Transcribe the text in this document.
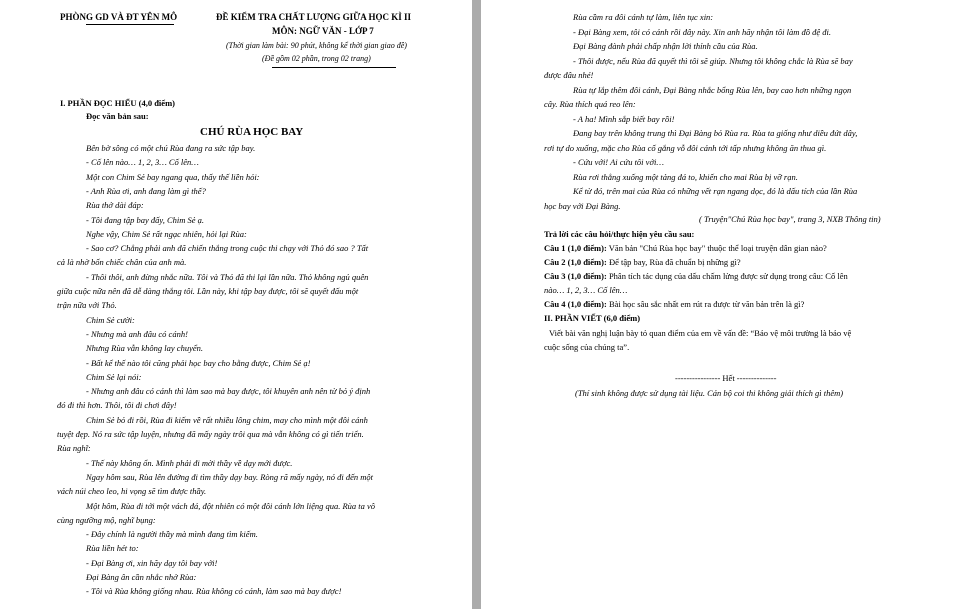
PHÒNG GD VÀ ĐT YÊN MÔ	ĐỀ KIỂM TRA CHẤT LƯỢNG GIỮA HỌC KÌ II
MÔN: NGỮ VĂN - LỚP 7
(Thời gian làm bài: 90 phút, không kể thời gian giao đề)
(Đề gồm 02 phần, trong 02 trang)
I. PHẦN ĐỌC HIỂU (4,0 điểm)
Đọc văn bản sau:
CHÚ RÙA HỌC BAY
Bên bờ sông có một chú Rùa đang ra sức tập bay.
- Cố lên nào… 1, 2, 3… Cố lên…
Một con Chim Sẻ bay ngang qua, thấy thế liền hỏi:
- Anh Rùa ơi, anh đang làm gì thế?
Rùa thở dài đáp:
- Tôi đang tập bay đấy, Chim Sẻ ạ.
Nghe vậy, Chim Sẻ rất ngạc nhiên, hỏi lại Rùa:
- Sao cơ? Chẳng phải anh đã chiến thắng trong cuộc thi chạy với Thỏ đó sao ? Tất
cả là nhờ bốn chiếc chân của anh mà.
- Thôi thôi, anh đừng nhắc nữa. Tôi và Thỏ đã thi lại lần nữa. Thỏ không ngủ quên
giữa cuộc nữa nên đã dễ dàng thắng tôi. Lần này, khi tập bay được, tôi sẽ quyết đấu một
trận nữa với Thỏ.
Chim Sẻ cười:
- Nhưng mà anh đâu có cánh!
Nhưng Rùa vẫn không lay chuyển.
- Bất kể thế nào tôi cũng phải học bay cho bằng được, Chim Sẻ ạ!
Chim Sẻ lại nói:
- Nhưng anh đâu có cánh thì làm sao mà bay được, tôi khuyên anh nên từ bỏ ý định
đó đi thì hơn. Thôi, tôi đi chơi đây!
Chim Sẻ bỏ đi rồi, Rùa đi kiếm về rất nhiều lông chim, may cho mình một đôi cánh
tuyệt đẹp. Nó ra sức tập luyện, nhưng đã mấy ngày trôi qua mà vẫn không có gì tiến triển.
Rùa nghĩ:
- Thế này không ổn. Mình phải đi mời thầy về dạy mới được.
Ngay hôm sau, Rùa lên đường đi tìm thầy dạy bay. Ròng rã mấy ngày, nó đi đến một
vách núi cheo leo, hi vọng sẽ tìm được thầy.
Một hôm, Rùa đi tới một vách đá, đột nhiên có một đôi cánh lớn liệng qua. Rùa ta vô
cùng ngưỡng mộ, nghĩ bụng:
- Đây chính là người thầy mà mình đang tìm kiếm.
Rùa liền hét to:
- Đại Bàng ơi, xin hãy dạy tôi bay với!
Đại Bàng ân cần nhắc nhở Rùa:
- Tôi và Rùa không giống nhau. Rùa không có cánh, làm sao mà bay được!
Rùa cầm ra đôi cánh tự làm, liên tục xin:
- Đại Bàng xem, tôi có cánh rồi đây này. Xin anh hãy nhận tôi làm đồ đệ đi.
Đại Bàng đành phải chấp nhận lời thỉnh cầu của Rùa.
- Thôi được, nếu Rùa đã quyết thì tôi sẽ giúp. Nhưng tôi không chắc là Rùa sẽ bay
được đâu nhé!
Rùa tự lắp thêm đôi cánh, Đại Bàng nhắc bổng Rùa lên, bay cao hơn những ngọn
cây. Rùa thích quá reo lên:
- A ha! Mình sắp biết bay rồi!
Đang bay trên không trung thì Đại Bàng bỏ Rùa ra. Rùa ta giống như diều đứt dây,
rơi tự do xuống, mặc cho Rùa cố gắng vỗ đôi cánh tới tấp nhưng không ăn thua gì.
- Cứu với! Ai cứu tôi với…
Rùa rơi thẳng xuống một tảng đá to, khiến cho mai Rùa bị vỡ rạn.
Kể từ đó, trên mai của Rùa có những vết rạn ngang dọc, đó là dấu tích của lần Rùa
học bay với Đại Bàng.
( Truyện"Chú Rùa học bay", trang 3, NXB Thông tin)
Trả lời các câu hỏi/thực hiện yêu cầu sau:
Câu 1 (1,0 điểm): Văn bản "Chú Rùa học bay" thuộc thể loại truyện dân gian nào?
Câu 2 (1,0 điểm): Để tập bay, Rùa đã chuẩn bị những gì?
Câu 3 (1,0 điểm): Phân tích tác dụng của dấu chấm lửng được sử dụng trong câu: Cố lên
nào… 1, 2, 3… Cố lên…
Câu 4 (1,0 điểm): Bài học sâu sắc nhất em rút ra được từ văn bản trên là gì?
II. PHẦN VIẾT (6,0 điểm)
Viết bài văn nghị luận bày tỏ quan điểm của em về vấn đề: “Bảo vệ môi trường là bảo vệ
cuộc sống của chúng ta”.
---------------- Hết --------------
(Thí sinh không được sử dụng tài liệu. Cán bộ coi thi không giải thích gì thêm)
